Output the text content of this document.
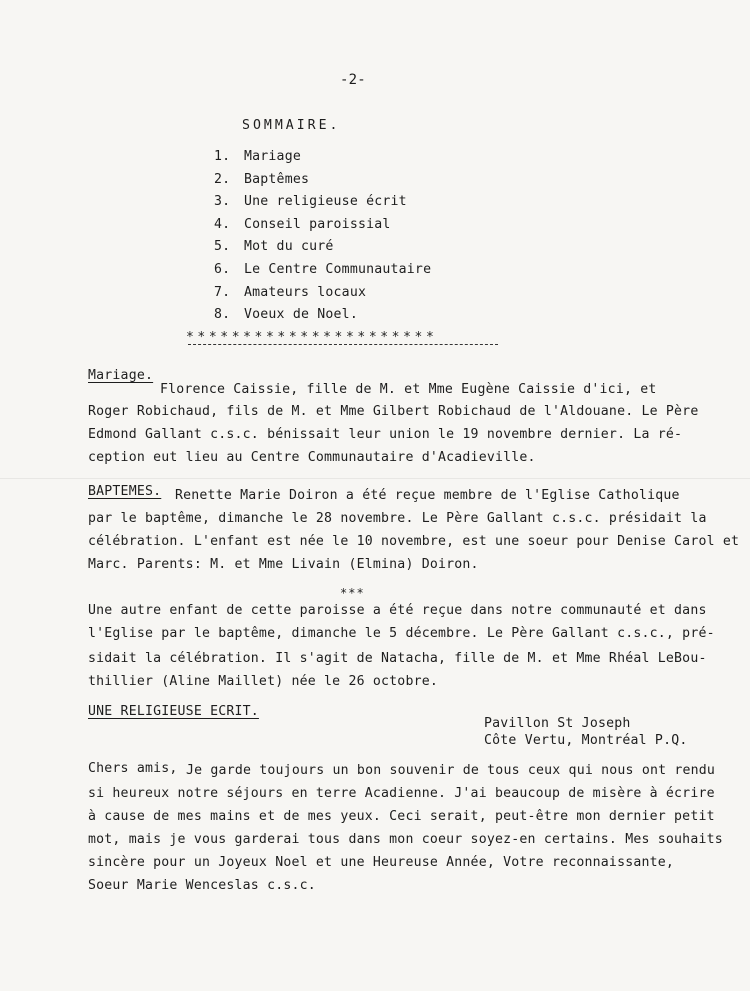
-2-
SOMMAIRE.
1. Mariage
2. Baptêmes
3. Une religieuse écrit
4. Conseil paroissial
5. Mot du curé
6. Le Centre Communautaire
7. Amateurs locaux
8. Voeux de Noel.
**********************
Mariage.
Florence Caissie, fille de M. et Mme Eugène Caissie d'ici, et
Roger Robichaud, fils de M. et Mme Gilbert Robichaud de l'Aldouane. Le Père
Edmond Gallant c.s.c. bénissait leur union le 19 novembre dernier. La ré-
ception eut lieu au Centre Communautaire d'Acadieville.
BAPTEMES. Renette Marie Doiron a été reçue membre de l'Eglise Catholique
par le baptême, dimanche le 28 novembre. Le Père Gallant c.s.c. présidait la
célébration. L'enfant est née le 10 novembre, est une soeur pour Denise Carol et
Marc. Parents: M. et Mme Livain (Elmina) Doiron.
***
Une autre enfant de cette paroisse a été reçue dans notre communauté et dans
l'Eglise par le baptême, dimanche le 5 décembre. Le Père Gallant c.s.c., pré-
sidait la célébration. Il s'agit de Natacha, fille de M. et Mme Rhéal LeBou-
thillier (Aline Maillet) née le 26 octobre.
UNE RELIGIEUSE ECRIT.
Pavillon St Joseph
Côte Vertu, Montréal P.Q.
Chers amis, Je garde toujours un bon souvenir de tous ceux qui nous ont rendu
si heureux notre séjours en terre Acadienne. J'ai beaucoup de misère à écrire
à cause de mes mains et de mes yeux. Ceci serait, peut-être mon dernier petit
mot, mais je vous garderai tous dans mon coeur soyez-en certains. Mes souhaits
sincère pour un Joyeux Noel et une Heureuse Année, Votre reconnaissante,
Soeur Marie Wenceslas c.s.c.
